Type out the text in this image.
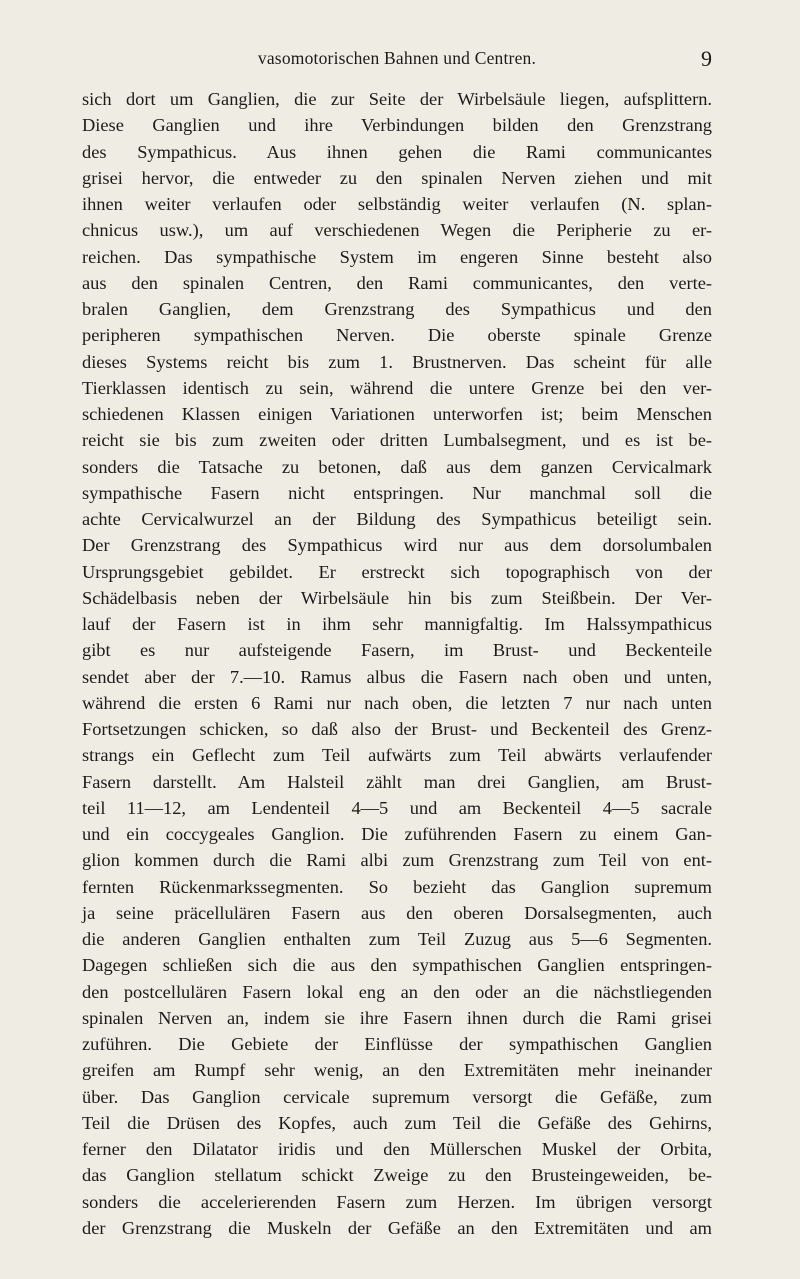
vasomotorischen Bahnen und Centren.	9

sich dort um Ganglien, die zur Seite der Wirbelsäule liegen, aufsplittern.
Diese Ganglien und ihre Verbindungen bilden den Grenzstrang
des Sympathicus. Aus ihnen gehen die Rami communicantes
grisei hervor, die entweder zu den spinalen Nerven ziehen und mit
ihnen weiter verlaufen oder selbständig weiter verlaufen (N. splan-
chnicus usw.), um auf verschiedenen Wegen die Peripherie zu er-
reichen. Das sympathische System im engeren Sinne besteht also
aus den spinalen Centren, den Rami communicantes, den verte-
bralen Ganglien, dem Grenzstrang des Sympathicus und den
peripheren sympathischen Nerven. Die oberste spinale Grenze
dieses Systems reicht bis zum 1. Brustnerven. Das scheint für alle
Tierklassen identisch zu sein, während die untere Grenze bei den ver-
schiedenen Klassen einigen Variationen unterworfen ist; beim Menschen
reicht sie bis zum zweiten oder dritten Lumbalsegment, und es ist be-
sonders die Tatsache zu betonen, daß aus dem ganzen Cervicalmark
sympathische Fasern nicht entspringen. Nur manchmal soll die
achte Cervicalwurzel an der Bildung des Sympathicus beteiligt sein.
Der Grenzstrang des Sympathicus wird nur aus dem dorsolumbalen
Ursprungsgebiet gebildet. Er erstreckt sich topographisch von der
Schädelbasis neben der Wirbelsäule hin bis zum Steißbein. Der Ver-
lauf der Fasern ist in ihm sehr mannigfaltig. Im Halssympathicus
gibt es nur aufsteigende Fasern, im Brust- und Beckenteile
sendet aber der 7.—10. Ramus albus die Fasern nach oben und unten,
während die ersten 6 Rami nur nach oben, die letzten 7 nur nach unten
Fortsetzungen schicken, so daß also der Brust- und Beckenteil des Grenz-
strangs ein Geflecht zum Teil aufwärts zum Teil abwärts verlaufender
Fasern darstellt. Am Halsteil zählt man drei Ganglien, am Brust-
teil 11—12, am Lendenteil 4—5 und am Beckenteil 4—5 sacrale
und ein coccygeales Ganglion. Die zuführenden Fasern zu einem Gan-
glion kommen durch die Rami albi zum Grenzstrang zum Teil von ent-
fernten Rückenmarkssegmenten. So bezieht das Ganglion supremum
ja seine präcellulären Fasern aus den oberen Dorsalsegmenten, auch
die anderen Ganglien enthalten zum Teil Zuzug aus 5—6 Segmenten.
Dagegen schließen sich die aus den sympathischen Ganglien entspringen-
den postcellulären Fasern lokal eng an den oder an die nächstliegenden
spinalen Nerven an, indem sie ihre Fasern ihnen durch die Rami grisei
zuführen. Die Gebiete der Einflüsse der sympathischen Ganglien
greifen am Rumpf sehr wenig, an den Extremitäten mehr ineinander
über. Das Ganglion cervicale supremum versorgt die Gefäße, zum
Teil die Drüsen des Kopfes, auch zum Teil die Gefäße des Gehirns,
ferner den Dilatator iridis und den Müllerschen Muskel der Orbita,
das Ganglion stellatum schickt Zweige zu den Brusteingeweiden, be-
sonders die accelerierenden Fasern zum Herzen. Im übrigen versorgt
der Grenzstrang die Muskeln der Gefäße an den Extremitäten und am
